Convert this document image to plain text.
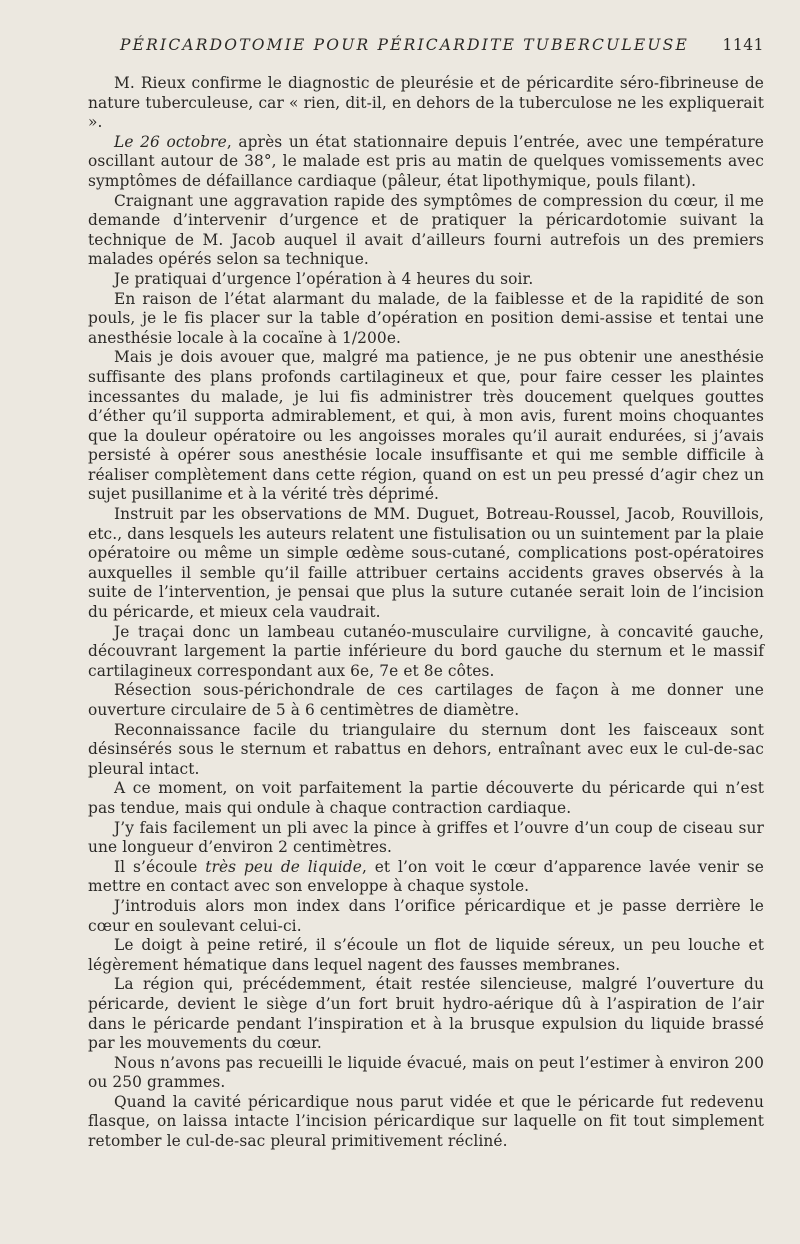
PÉRICARDOTOMIE POUR PÉRICARDITE TUBERCULEUSE 1141

M. Rieux confirme le diagnostic de pleurésie et de péricardite séro-fibrineuse de nature tuberculeuse, car « rien, dit-il, en dehors de la tuberculose ne les expliquerait ».

Le 26 octobre, après un état stationnaire depuis l’entrée, avec une température oscillant autour de 38°, le malade est pris au matin de quelques vomissements avec symptômes de défaillance cardiaque (pâleur, état lipothymique, pouls filant).

Craignant une aggravation rapide des symptômes de compression du cœur, il me demande d’intervenir d’urgence et de pratiquer la péricardotomie suivant la technique de M. Jacob auquel il avait d’ailleurs fourni autrefois un des premiers malades opérés selon sa technique.

Je pratiquai d’urgence l’opération à 4 heures du soir.

En raison de l’état alarmant du malade, de la faiblesse et de la rapidité de son pouls, je le fis placer sur la table d’opération en position demi-assise et tentai une anesthésie locale à la cocaïne à 1/200e.

Mais je dois avouer que, malgré ma patience, je ne pus obtenir une anesthésie suffisante des plans profonds cartilagineux et que, pour faire cesser les plaintes incessantes du malade, je lui fis administrer très doucement quelques gouttes d’éther qu’il supporta admirablement, et qui, à mon avis, furent moins choquantes que la douleur opératoire ou les angoisses morales qu’il aurait endurées, si j’avais persisté à opérer sous anesthésie locale insuffisante et qui me semble difficile à réaliser complètement dans cette région, quand on est un peu pressé d’agir chez un sujet pusillanime et à la vérité très déprimé.

Instruit par les observations de MM. Duguet, Botreau-Roussel, Jacob, Rouvillois, etc., dans lesquels les auteurs relatent une fistulisation ou un suintement par la plaie opératoire ou même un simple œdème sous-cutané, complications post-opératoires auxquelles il semble qu’il faille attribuer certains accidents graves observés à la suite de l’intervention, je pensai que plus la suture cutanée serait loin de l’incision du péricarde, et mieux cela vaudrait.

Je traçai donc un lambeau cutanéo-musculaire curviligne, à concavité gauche, découvrant largement la partie inférieure du bord gauche du sternum et le massif cartilagineux correspondant aux 6e, 7e et 8e côtes.

Résection sous-périchondrale de ces cartilages de façon à me donner une ouverture circulaire de 5 à 6 centimètres de diamètre.

Reconnaissance facile du triangulaire du sternum dont les faisceaux sont désinsérés sous le sternum et rabattus en dehors, entraînant avec eux le cul-de-sac pleural intact.

A ce moment, on voit parfaitement la partie découverte du péricarde qui n’est pas tendue, mais qui ondule à chaque contraction cardiaque.

J’y fais facilement un pli avec la pince à griffes et l’ouvre d’un coup de ciseau sur une longueur d’environ 2 centimètres.

Il s’écoule très peu de liquide, et l’on voit le cœur d’apparence lavée venir se mettre en contact avec son enveloppe à chaque systole.

J’introduis alors mon index dans l’orifice péricardique et je passe derrière le cœur en soulevant celui-ci.

Le doigt à peine retiré, il s’écoule un flot de liquide séreux, un peu louche et légèrement hématique dans lequel nagent des fausses membranes.

La région qui, précédemment, était restée silencieuse, malgré l’ouverture du péricarde, devient le siège d’un fort bruit hydro-aérique dû à l’aspiration de l’air dans le péricarde pendant l’inspiration et à la brusque expulsion du liquide brassé par les mouvements du cœur.

Nous n’avons pas recueilli le liquide évacué, mais on peut l’estimer à environ 200 ou 250 grammes.

Quand la cavité péricardique nous parut vidée et que le péricarde fut redevenu flasque, on laissa intacte l’incision péricardique sur laquelle on fit tout simplement retomber le cul-de-sac pleural primitivement récliné.
